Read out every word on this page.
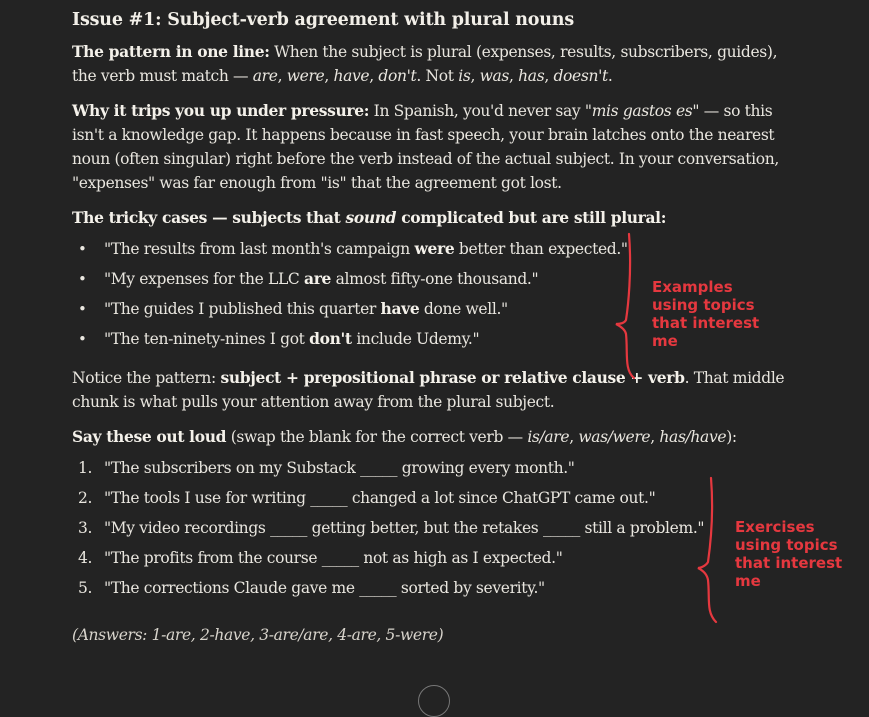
Issue #1: Subject-verb agreement with plural nouns

The pattern in one line: When the subject is plural (expenses, results, subscribers, guides), the verb must match — are, were, have, don't. Not is, was, has, doesn't.

Why it trips you up under pressure: In Spanish, you'd never say "mis gastos es" — so this isn't a knowledge gap. It happens because in fast speech, your brain latches onto the nearest noun (often singular) right before the verb instead of the actual subject. In your conversation, "expenses" was far enough from "is" that the agreement got lost.

The tricky cases — subjects that sound complicated but are still plural:

• "The results from last month's campaign were better than expected."
• "My expenses for the LLC are almost fifty-one thousand."
• "The guides I published this quarter have done well."
• "The ten-ninety-nines I got don't include Udemy."

Notice the pattern: subject + prepositional phrase or relative clause + verb. That middle chunk is what pulls your attention away from the plural subject.

Say these out loud (swap the blank for the correct verb — is/are, was/were, has/have):

1. "The subscribers on my Substack _____ growing every month."
2. "The tools I use for writing _____ changed a lot since ChatGPT came out."
3. "My video recordings _____ getting better, but the retakes _____ still a problem."
4. "The profits from the course _____ not as high as I expected."
5. "The corrections Claude gave me _____ sorted by severity."

(Answers: 1-are, 2-have, 3-are/are, 4-are, 5-were)

Examples using topics that interest me
Exercises using topics that interest me
